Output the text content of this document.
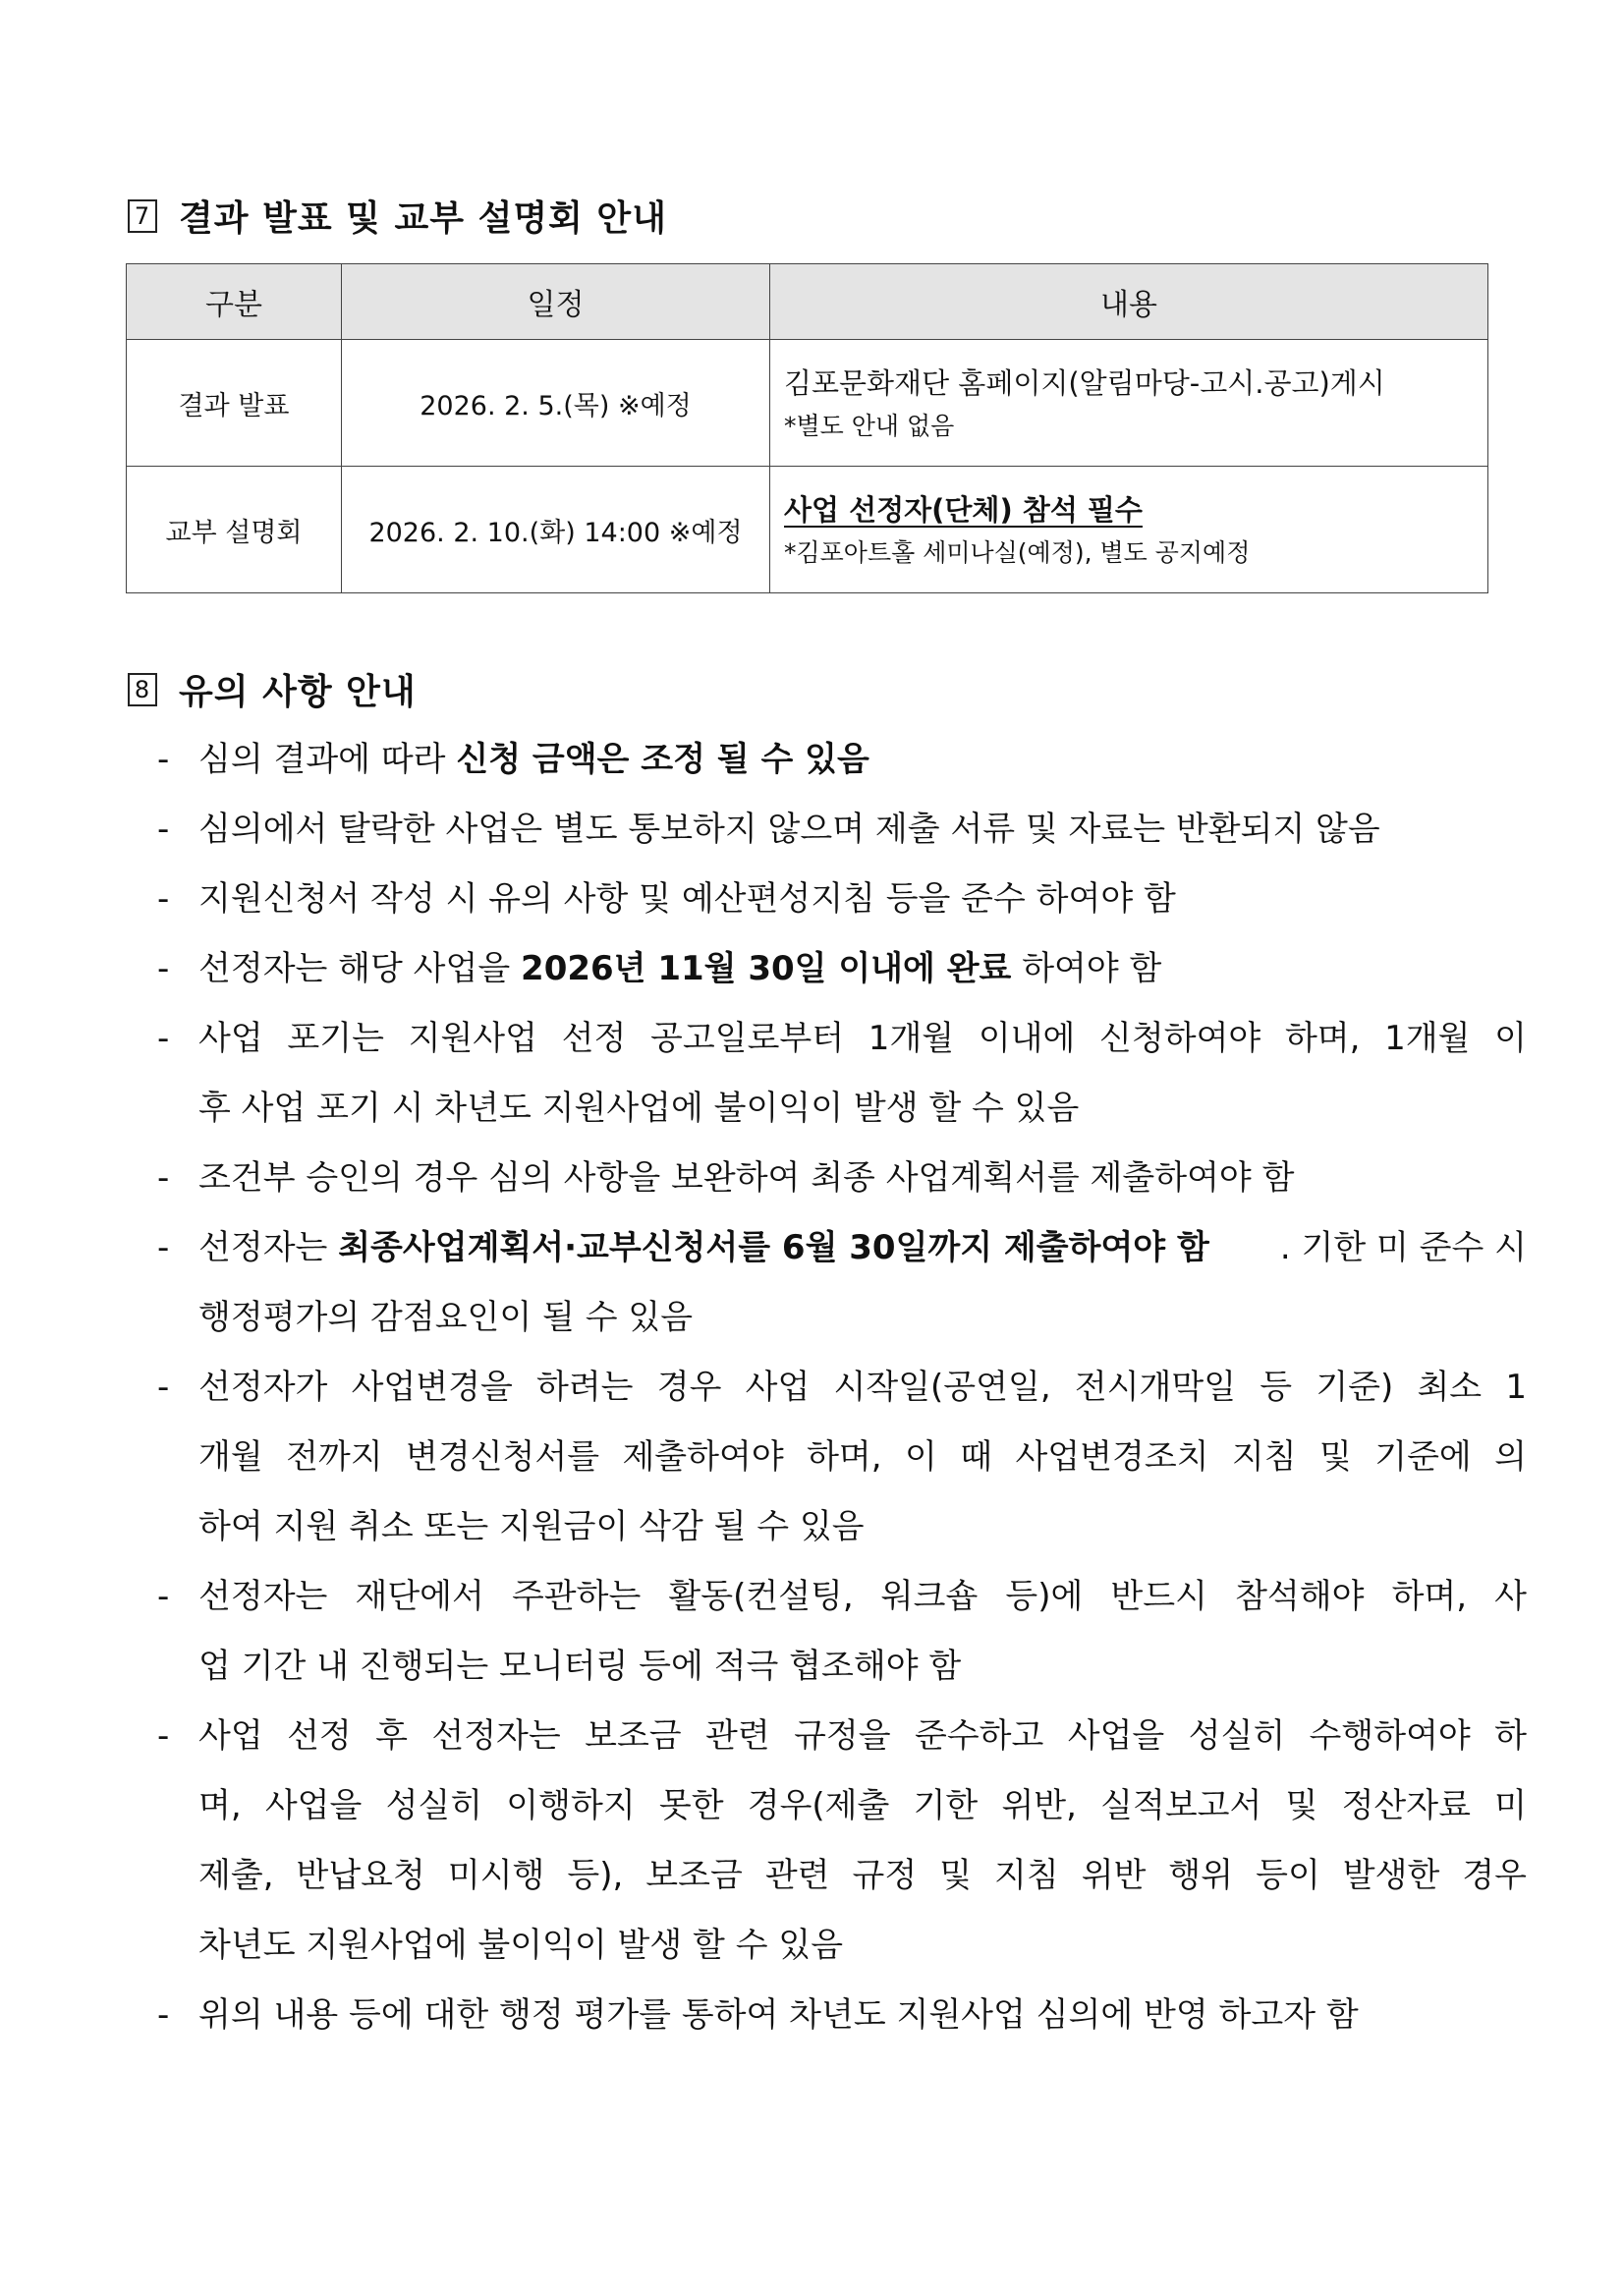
7 결과 발표 및 교부 설명회 안내
구분	일정	내용
결과 발표	2026. 2. 5.(목) ※예정	김포문화재단 홈페이지(알림마당-고시.공고)게시
*별도 안내 없음

교부 설명회	2026. 2. 10.(화) 14:00 ※예정	사업 선정자(단체) 참석 필수
*김포아트홀 세미나실(예정), 별도 공지예정
8 유의 사항 안내
- 심의 결과에 따라 신청 금액은 조정 될 수 있음
- 심의에서 탈락한 사업은 별도 통보하지 않으며 제출 서류 및 자료는 반환되지 않음
- 지원신청서 작성 시 유의 사항 및 예산편성지침 등을 준수 하여야 함
- 선정자는 해당 사업을 2026년 11월 30일 이내에 완료 하여야 함
- 사업 포기는 지원사업 선정 공고일로부터 1개월 이내에 신청하여야 하며, 1개월 이
후 사업 포기 시 차년도 지원사업에 불이익이 발생 할 수 있음
- 조건부 승인의 경우 심의 사항을 보완하여 최종 사업계획서를 제출하여야 함
- 선정자는 최종사업계획서·교부신청서를 6월 30일까지 제출하여야 함 . 기한 미 준수 시
행정평가의 감점요인이 될 수 있음
- 선정자가 사업변경을 하려는 경우 사업 시작일(공연일, 전시개막일 등 기준) 최소 1
개월 전까지 변경신청서를 제출하여야 하며, 이 때 사업변경조치 지침 및 기준에 의
하여 지원 취소 또는 지원금이 삭감 될 수 있음
- 선정자는 재단에서 주관하는 활동(컨설팅, 워크숍 등)에 반드시 참석해야 하며, 사
업 기간 내 진행되는 모니터링 등에 적극 협조해야 함
- 사업 선정 후 선정자는 보조금 관련 규정을 준수하고 사업을 성실히 수행하여야 하
며, 사업을 성실히 이행하지 못한 경우(제출 기한 위반, 실적보고서 및 정산자료 미
제출, 반납요청 미시행 등), 보조금 관련 규정 및 지침 위반 행위 등이 발생한 경우
차년도 지원사업에 불이익이 발생 할 수 있음
- 위의 내용 등에 대한 행정 평가를 통하여 차년도 지원사업 심의에 반영 하고자 함
